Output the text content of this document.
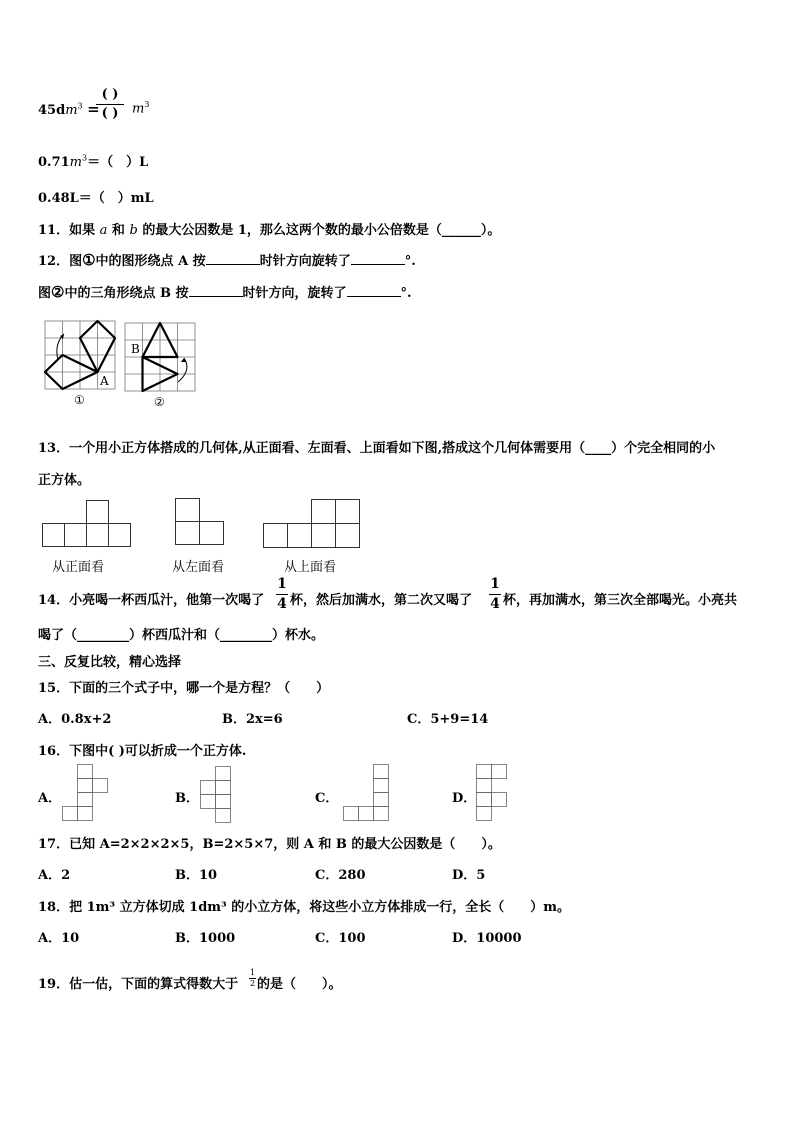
$45dm^3$ =
( )
( )	$m^3$
$0.71m^3=$（　）L
0.48L＝（　）mL
11．如果 a 和 b 的最大公因数是 1，那么这两个数的最小公倍数是（______）。
12．图①中的图形绕点 A 按	时针方向旋转了	°.
图②中的三角形绕点 B 按	时针方向，旋转了	°.
A
①
B
②
13．一个用小正方体搭成的几何体,从正面看、左面看、上面看如下图,搭成这个几何体需要用（____）个完全相同的小
正方体。
从正面看	从左面看	从上面看
14．小亮喝一杯西瓜汁，他第一次喝了 $\frac{1}{4}$ 杯，然后加满水，第二次又喝了 $\frac{1}{4}$ 杯，再加满水，第三次全部喝光。小亮共
喝了（________）杯西瓜汁和（________）杯水。
三、反复比较，精心选择
15．下面的三个式子中，哪一个是方程？（　　）
A．0.8x+2	B．2x=6	C．5+9=14
16．下图中( )可以折成一个正方体.
A．	B．	C．	D．
17．已知 A=2×2×2×5，B=2×5×7，则 A 和 B 的最大公因数是（　　）。
A．2	B．10	C．280	D．5
18．把 1m³ 立方体切成 1dm³ 的小立方体，将这些小立方体排成一行，全长（　　）m。
A．10	B．1000	C．100	D．10000
19．估一估，下面的算式得数大于 $\frac{1}{2}$ 的是（　　）。
